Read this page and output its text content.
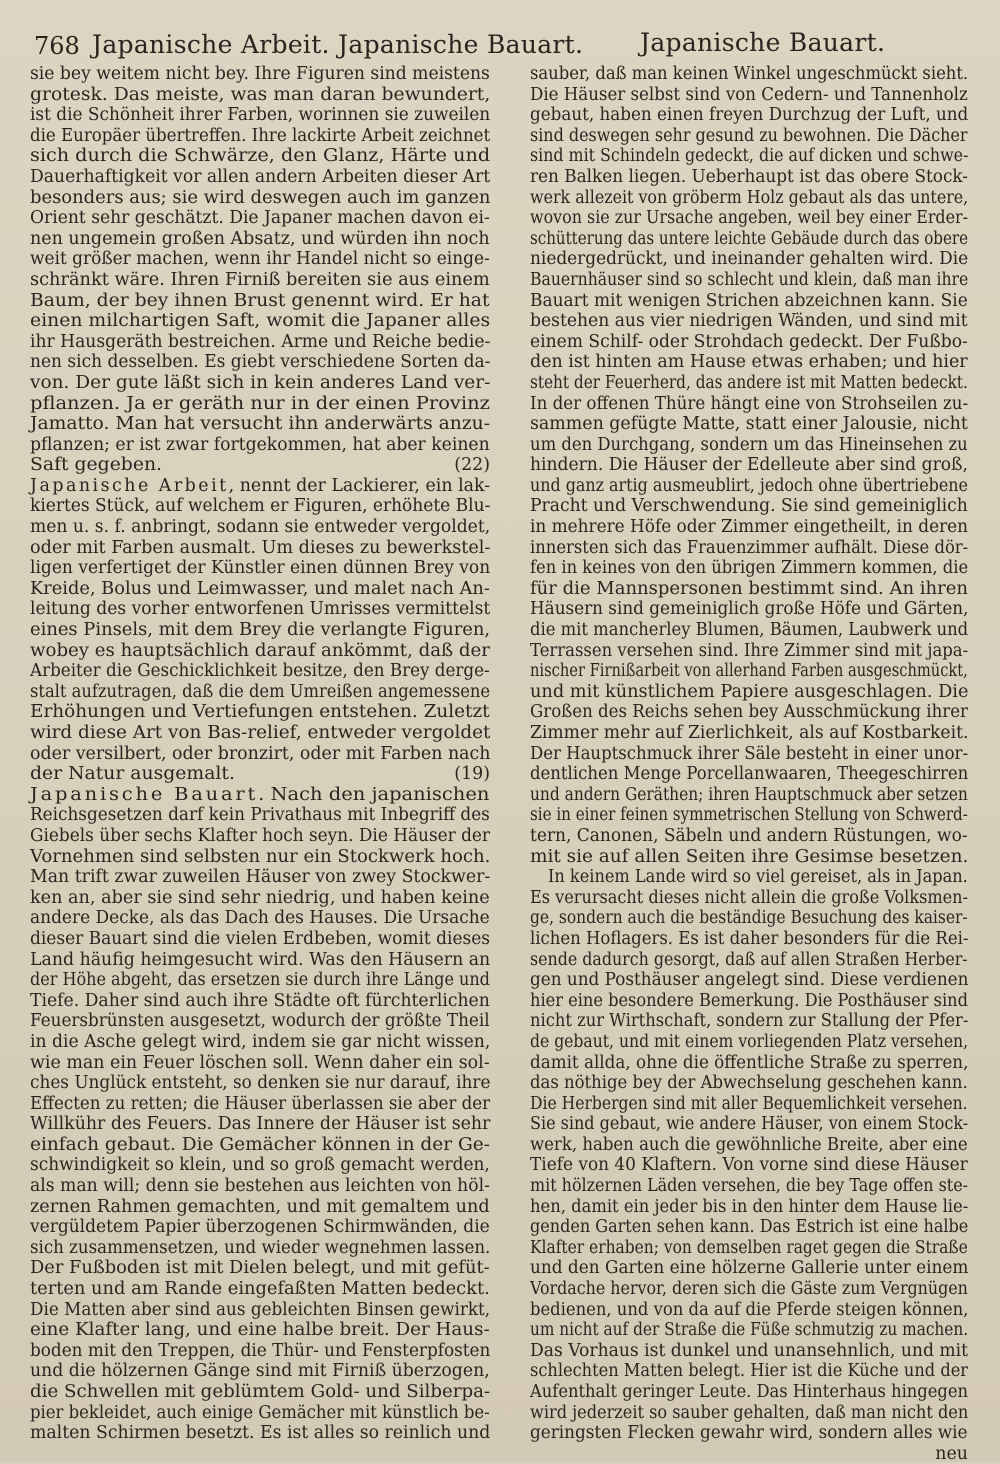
768 Japanische Arbeit. Japanische Bauart. Japanische Bauart.
sie bey weitem nicht bey. Ihre Figuren sind meistens
grotesk. Das meiste, was man daran bewundert,
ist die Schönheit ihrer Farben, worinnen sie zuweilen
die Europäer übertreffen. Ihre lackirte Arbeit zeichnet
sich durch die Schwärze, den Glanz, Härte und
Dauerhaftigkeit vor allen andern Arbeiten dieser Art
besonders aus; sie wird deswegen auch im ganzen
Orient sehr geschätzt. Die Japaner machen davon ei-
nen ungemein großen Absatz, und würden ihn noch
weit größer machen, wenn ihr Handel nicht so einge-
schränkt wäre. Ihren Firniß bereiten sie aus einem
Baum, der bey ihnen Brust genennt wird. Er hat
einen milchartigen Saft, womit die Japaner alles
ihr Hausgeräth bestreichen. Arme und Reiche bedie-
nen sich desselben. Es giebt verschiedene Sorten da-
von. Der gute läßt sich in kein anderes Land ver-
pflanzen. Ja er geräth nur in der einen Provinz
Jamatto. Man hat versucht ihn anderwärts anzu-
pflanzen; er ist zwar fortgekommen, hat aber keinen
Saft gegeben.	(22)
Japanische Arbeit, nennt der Lackierer, ein lak-
kiertes Stück, auf welchem er Figuren, erhöhete Blu-
men u. s. f. anbringt, sodann sie entweder vergoldet,
oder mit Farben ausmalt. Um dieses zu bewerkstel-
ligen verfertiget der Künstler einen dünnen Brey von
Kreide, Bolus und Leimwasser, und malet nach An-
leitung des vorher entworfenen Umrisses vermittelst
eines Pinsels, mit dem Brey die verlangte Figuren,
wobey es hauptsächlich darauf ankömmt, daß der
Arbeiter die Geschicklichkeit besitze, den Brey derge-
stalt aufzutragen, daß die dem Umreißen angemessene
Erhöhungen und Vertiefungen entstehen. Zuletzt
wird diese Art von Bas-relief, entweder vergoldet
oder versilbert, oder bronzirt, oder mit Farben nach
der Natur ausgemalt.	(19)
Japanische Bauart. Nach den japanischen
Reichsgesetzen darf kein Privathaus mit Inbegriff des
Giebels über sechs Klafter hoch seyn. Die Häuser der
Vornehmen sind selbsten nur ein Stockwerk hoch.
Man trift zwar zuweilen Häuser von zwey Stockwer-
ken an, aber sie sind sehr niedrig, und haben keine
andere Decke, als das Dach des Hauses. Die Ursache
dieser Bauart sind die vielen Erdbeben, womit dieses
Land häufig heimgesucht wird. Was den Häusern an
der Höhe abgeht, das ersetzen sie durch ihre Länge und
Tiefe. Daher sind auch ihre Städte oft fürchterlichen
Feuersbrünsten ausgesetzt, wodurch der größte Theil
in die Asche gelegt wird, indem sie gar nicht wissen,
wie man ein Feuer löschen soll. Wenn daher ein sol-
ches Unglück entsteht, so denken sie nur darauf, ihre
Effecten zu retten; die Häuser überlassen sie aber der
Willkühr des Feuers. Das Innere der Häuser ist sehr
einfach gebaut. Die Gemächer können in der Ge-
schwindigkeit so klein, und so groß gemacht werden,
als man will; denn sie bestehen aus leichten von höl-
zernen Rahmen gemachten, und mit gemaltem und
vergüldetem Papier überzogenen Schirmwänden, die
sich zusammensetzen, und wieder wegnehmen lassen.
Der Fußboden ist mit Dielen belegt, und mit gefüt-
terten und am Rande eingefaßten Matten bedeckt.
Die Matten aber sind aus gebleichten Binsen gewirkt,
eine Klafter lang, und eine halbe breit. Der Haus-
boden mit den Treppen, die Thür- und Fensterpfosten
und die hölzernen Gänge sind mit Firniß überzogen,
die Schwellen mit geblümtem Gold- und Silberpa-
pier bekleidet, auch einige Gemächer mit künstlich be-
malten Schirmen besetzt. Es ist alles so reinlich und
sauber, daß man keinen Winkel ungeschmückt sieht.
Die Häuser selbst sind von Cedern- und Tannenholz
gebaut, haben einen freyen Durchzug der Luft, und
sind deswegen sehr gesund zu bewohnen. Die Dächer
sind mit Schindeln gedeckt, die auf dicken und schwe-
ren Balken liegen. Ueberhaupt ist das obere Stock-
werk allezeit von gröberm Holz gebaut als das untere,
wovon sie zur Ursache angeben, weil bey einer Erder-
schütterung das untere leichte Gebäude durch das obere
niedergedrückt, und ineinander gehalten wird. Die
Bauernhäuser sind so schlecht und klein, daß man ihre
Bauart mit wenigen Strichen abzeichnen kann. Sie
bestehen aus vier niedrigen Wänden, und sind mit
einem Schilf- oder Strohdach gedeckt. Der Fußbo-
den ist hinten am Hause etwas erhaben; und hier
steht der Feuerherd, das andere ist mit Matten bedeckt.
In der offenen Thüre hängt eine von Strohseilen zu-
sammen gefügte Matte, statt einer Jalousie, nicht
um den Durchgang, sondern um das Hineinsehen zu
hindern. Die Häuser der Edelleute aber sind groß,
und ganz artig ausmeublirt, jedoch ohne übertriebene
Pracht und Verschwendung. Sie sind gemeiniglich
in mehrere Höfe oder Zimmer eingetheilt, in deren
innersten sich das Frauenzimmer aufhält. Diese dör-
fen in keines von den übrigen Zimmern kommen, die
für die Mannspersonen bestimmt sind. An ihren
Häusern sind gemeiniglich große Höfe und Gärten,
die mit mancherley Blumen, Bäumen, Laubwerk und
Terrassen versehen sind. Ihre Zimmer sind mit japa-
nischer Firnißarbeit von allerhand Farben ausgeschmückt,
und mit künstlichem Papiere ausgeschlagen. Die
Großen des Reichs sehen bey Ausschmückung ihrer
Zimmer mehr auf Zierlichkeit, als auf Kostbarkeit.
Der Hauptschmuck ihrer Säle besteht in einer unor-
dentlichen Menge Porcellanwaaren, Theegeschirren
und andern Geräthen; ihren Hauptschmuck aber setzen
sie in einer feinen symmetrischen Stellung von Schwerd-
tern, Canonen, Säbeln und andern Rüstungen, wo-
mit sie auf allen Seiten ihre Gesimse besetzen.
In keinem Lande wird so viel gereiset, als in Japan.
Es verursacht dieses nicht allein die große Volksmen-
ge, sondern auch die beständige Besuchung des kaiser-
lichen Hoflagers. Es ist daher besonders für die Rei-
sende dadurch gesorgt, daß auf allen Straßen Herber-
gen und Posthäuser angelegt sind. Diese verdienen
hier eine besondere Bemerkung. Die Posthäuser sind
nicht zur Wirthschaft, sondern zur Stallung der Pfer-
de gebaut, und mit einem vorliegenden Platz versehen,
damit allda, ohne die öffentliche Straße zu sperren,
das nöthige bey der Abwechselung geschehen kann.
Die Herbergen sind mit aller Bequemlichkeit versehen.
Sie sind gebaut, wie andere Häuser, von einem Stock-
werk, haben auch die gewöhnliche Breite, aber eine
Tiefe von 40 Klaftern. Von vorne sind diese Häuser
mit hölzernen Läden versehen, die bey Tage offen ste-
hen, damit ein jeder bis in den hinter dem Hause lie-
genden Garten sehen kann. Das Estrich ist eine halbe
Klafter erhaben; von demselben raget gegen die Straße
und den Garten eine hölzerne Gallerie unter einem
Vordache hervor, deren sich die Gäste zum Vergnügen
bedienen, und von da auf die Pferde steigen können,
um nicht auf der Straße die Füße schmutzig zu machen.
Das Vorhaus ist dunkel und unansehnlich, und mit
schlechten Matten belegt. Hier ist die Küche und der
Aufenthalt geringer Leute. Das Hinterhaus hingegen
wird jederzeit so sauber gehalten, daß man nicht den
geringsten Flecken gewahr wird, sondern alles wie
neu
